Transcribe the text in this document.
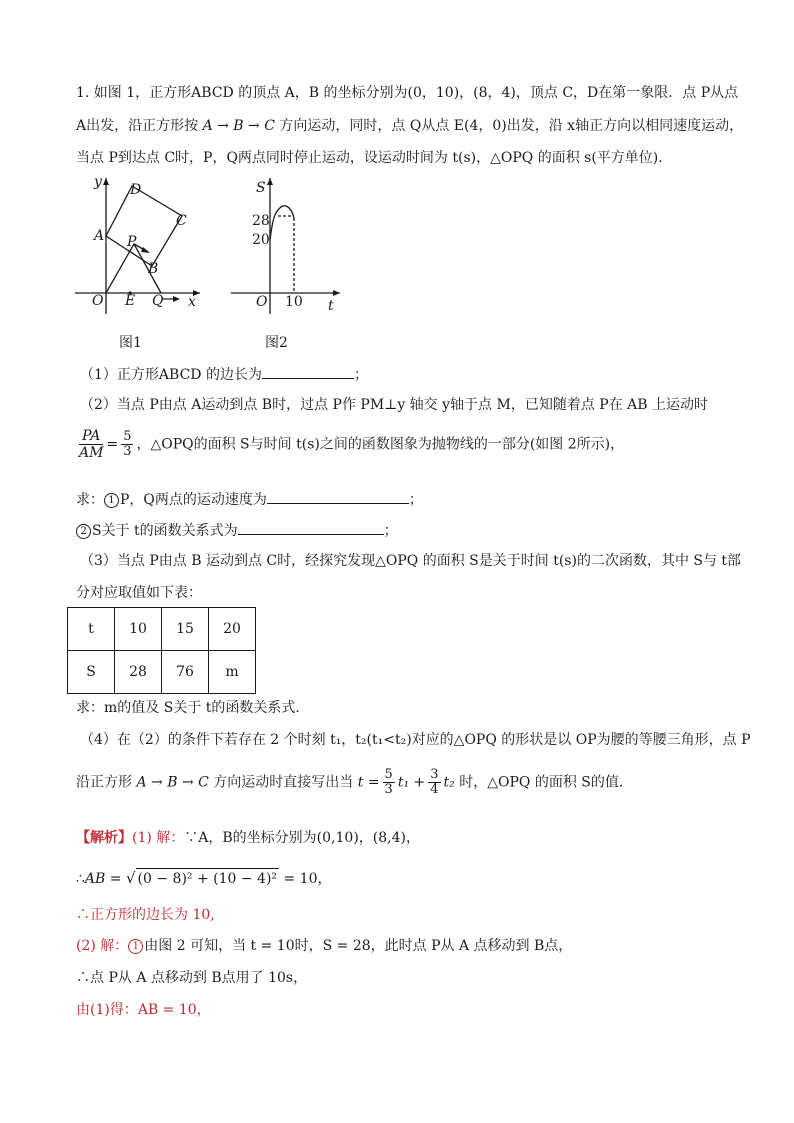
1. 如图 1，正方形ABCD 的顶点 A，B 的坐标分别为(0，10)，(8，4)，顶点 C，D在第一象限．点 P从点
A出发，沿正方形按 A → B → C 方向运动，同时，点 Q从点 E(4，0)出发，沿 x轴正方向以相同速度运动，
当点 P到达点 C时，P，Q两点同时停止运动，设运动时间为 t(s)，△OPQ 的面积 s(平方单位).
y
x
O E Q
A
B
C
D
P
图1
S
t
O
28
20
10
图2
（1）正方形ABCD 的边长为	；
（2）当点 P由点 A运动到点 B时，过点 P作 PM⊥y 轴交 y轴于点 M，已知随着点 P在 AB 上运动时
$\frac{PA}{AM} = \frac{5}{3}$ ，△OPQ的面积 S与时间 t(s)之间的函数图象为抛物线的一部分(如图 2所示)，
求： 1 P，Q两点的运动速度为	；
2 S关于 t的函数关系式为	；
（3）当点 P由点 B 运动到点 C时，经探究发现△OPQ 的面积 S是关于时间 t(s)的二次函数，其中 S与 t部
分对应取值如下表：
t	10	15	20
S	28	76	m
求：m的值及 S关于 t的函数关系式．
（4）在（2）的条件下若存在 2 个时刻 t₁，t₂(t₁<t₂)对应的△OPQ 的形状是以 OP为腰的等腰三角形，点 P
沿正方形 A → B → C 方向运动时直接写出当 $t = \frac{5}{3} t_1 + \frac{3}{4} t_2$ 时，△OPQ 的面积 S的值．
【解析】(1) 解：∵A，B的坐标分别为(0,10)，(8,4)，
∴AB = √ (0 − 8)² + (10 − 4)² = 10，
∴正方形的边长为 10,
(2) 解： 1 由图 2 可知，当 t = 10时，S = 28，此时点 P从 A 点移动到 B点，
∴点 P从 A 点移动到 B点用了 10s，
由(1)得：AB = 10，
